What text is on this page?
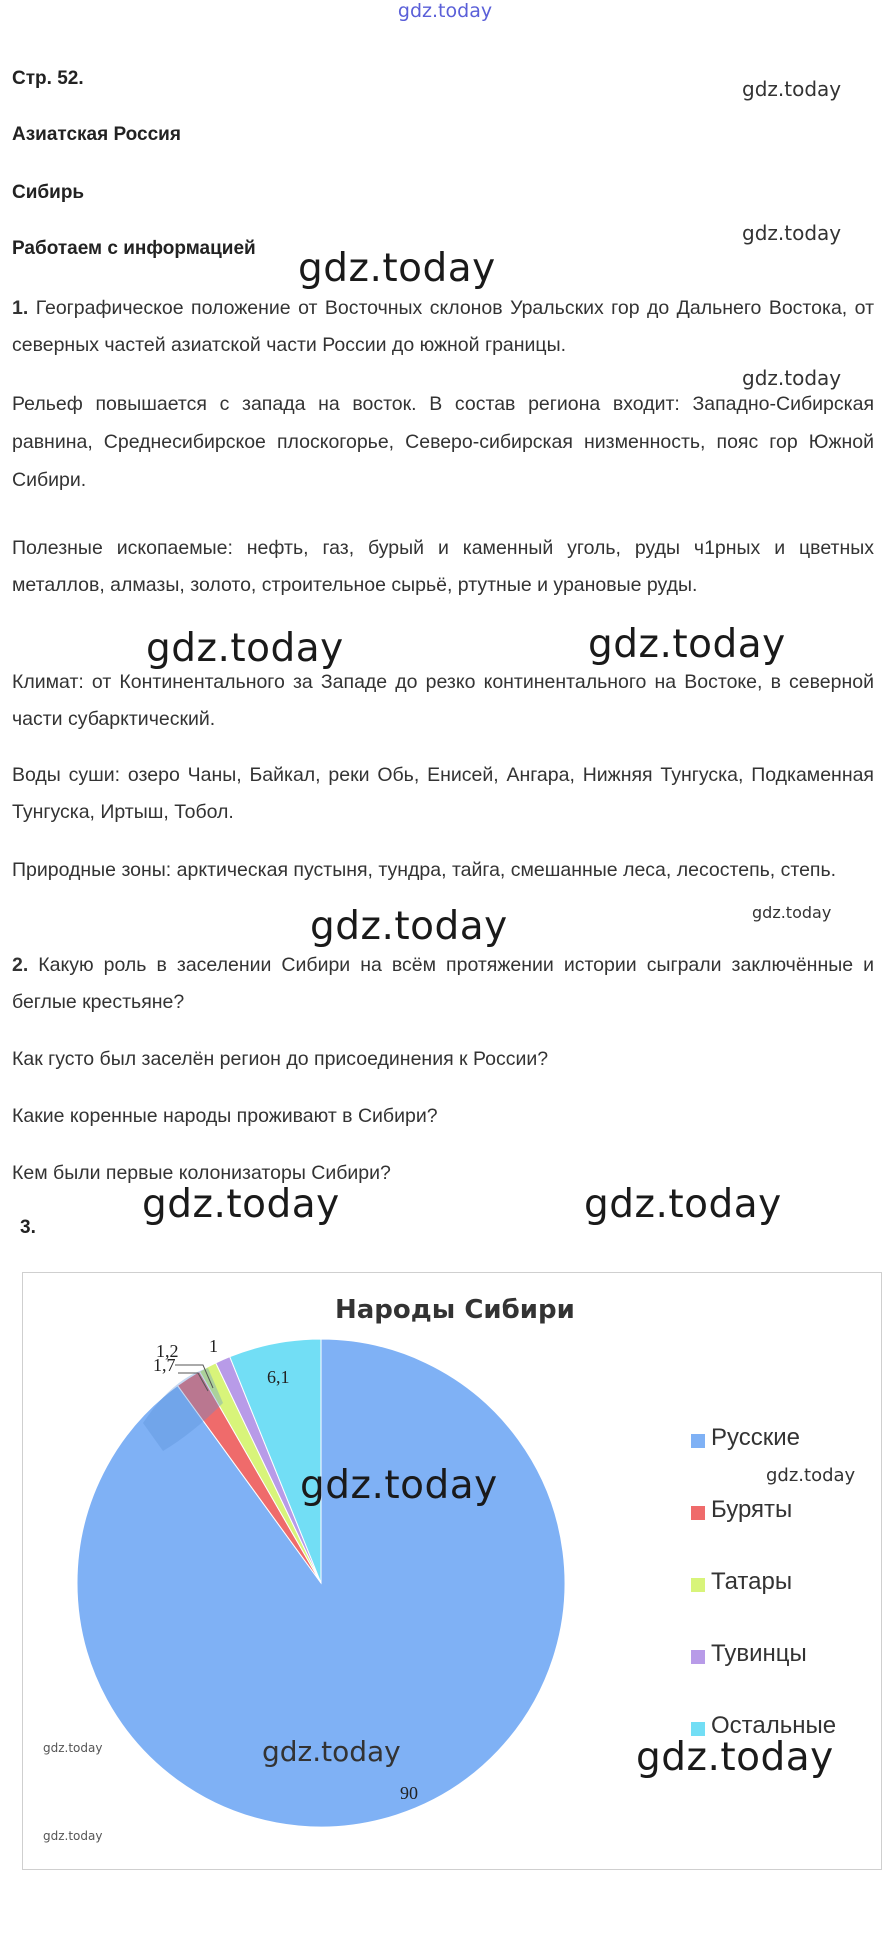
gdz.today
Стр. 52.
Азиатская Россия
Сибирь
Работаем с информацией
gdz.today
gdz.today
gdz.today
gdz.today
1. Географическое положение от Восточных склонов Уральских гор до Дальнего Востока, от северных частей азиатской части России до южной границы.
Рельеф повышается с запада на восток. В состав региона входит: Западно-Сибирская равнина, Среднесибирское плоскогорье, Северо-сибирская низменность, пояс гор Южной Сибири.
Полезные ископаемые: нефть, газ, бурый и каменный уголь, руды ч1рных и цветных металлов, алмазы, золото, строительное сырьё, ртутные и урановые руды.
gdz.today	gdz.today
Климат: от Континентального за Западе до резко континентального на Востоке, в северной части субарктический.
Воды суши: озеро Чаны, Байкал, реки Обь, Енисей, Ангара, Нижняя Тунгуска, Подкаменная Тунгуска, Иртыш, Тобол.
Природные зоны: арктическая пустыня, тундра, тайга, смешанные леса, лесостепь, степь.
gdz.today
gdz.today
2. Какую роль в заселении Сибири на всём протяжении истории сыграли заключённые и беглые крестьяне?
Как густо был заселён регион до присоединения к России?
Какие коренные народы проживают в Сибири?
Кем были первые колонизаторы Сибири?
gdz.today	gdz.today
3.
Народы Сибири
90
1,7
1,2 1
6,1
Русские
Буряты
Татары
Тувинцы
Остальные
gdz.today
gdz.today
gdz.today
gdz.today
gdz.today	gdz.today
